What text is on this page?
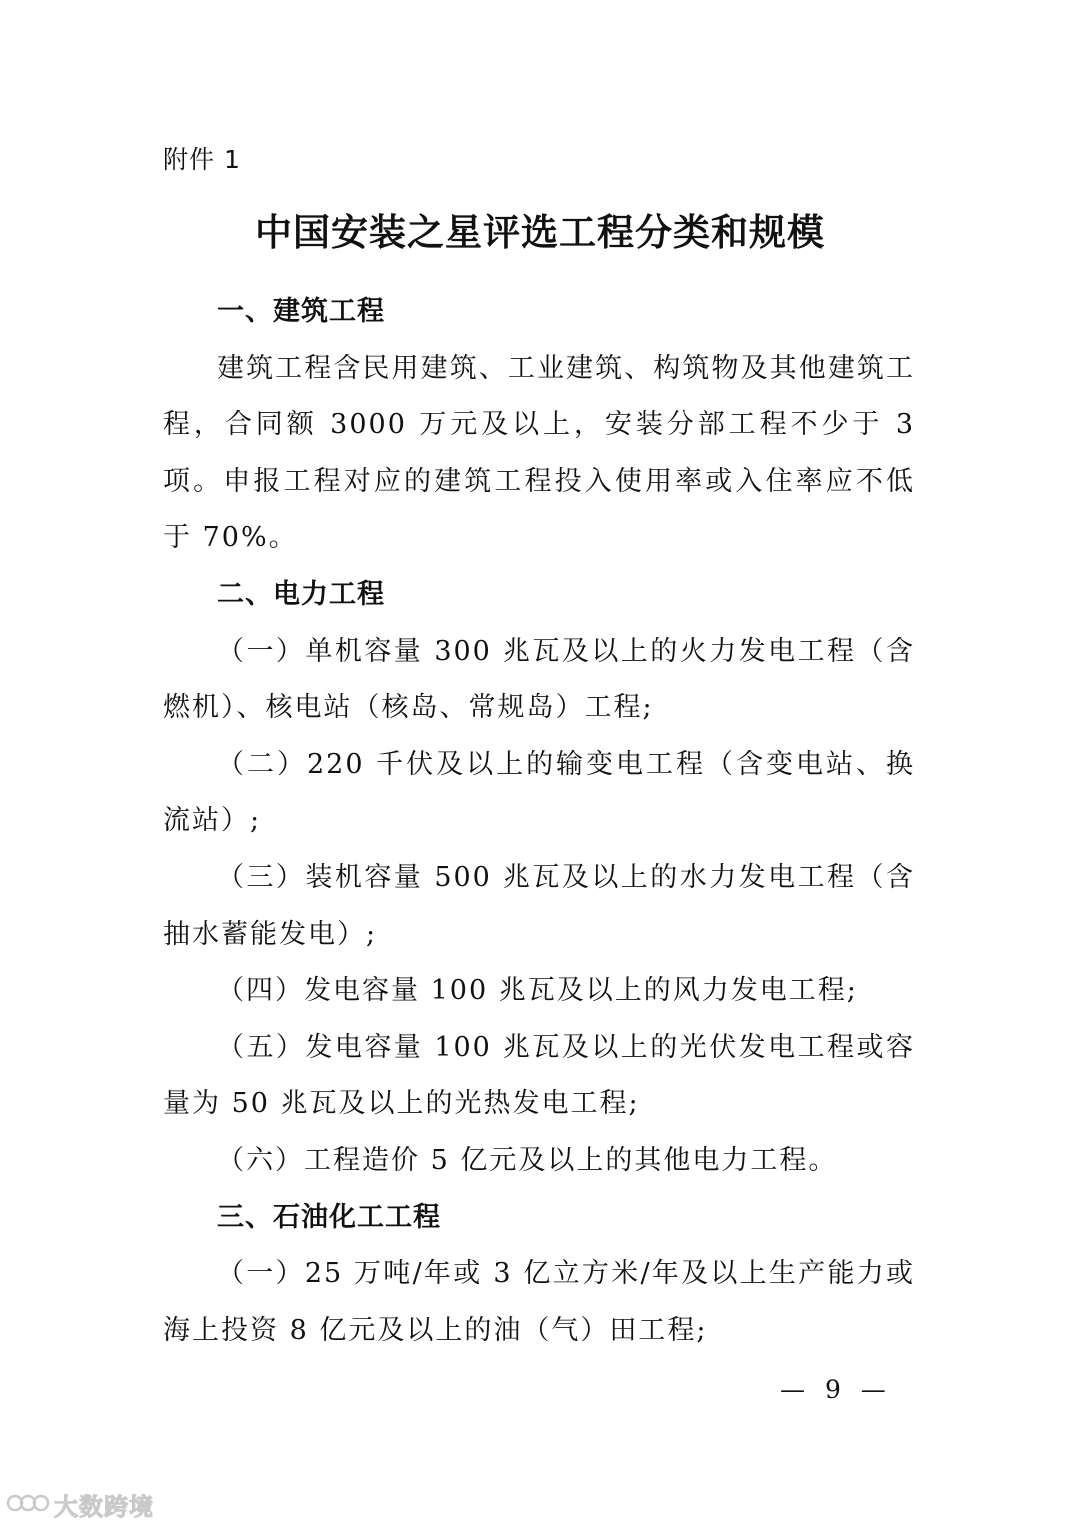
附件 1
中国安装之星评选工程分类和规模

一、建筑工程

建筑工程含民用建筑、工业建筑、构筑物及其他建筑工程，合同额 3000 万元及以上，安装分部工程不少于 3 项。申报工程对应的建筑工程投入使用率或入住率应不低于 70%。

二、电力工程

（一）单机容量 300 兆瓦及以上的火力发电工程（含燃机）、核电站（核岛、常规岛）工程;

（二）220 千伏及以上的输变电工程（含变电站、换流站）;

（三）装机容量 500 兆瓦及以上的水力发电工程（含抽水蓄能发电）;

（四）发电容量 100 兆瓦及以上的风力发电工程;

（五）发电容量 100 兆瓦及以上的光伏发电工程或容量为 50 兆瓦及以上的光热发电工程;

（六）工程造价 5 亿元及以上的其他电力工程。

三、石油化工工程

（一）25 万吨/年或 3 亿立方米/年及以上生产能力或海上投资 8 亿元及以上的油（气）田工程;

— 9 —
大数跨境
